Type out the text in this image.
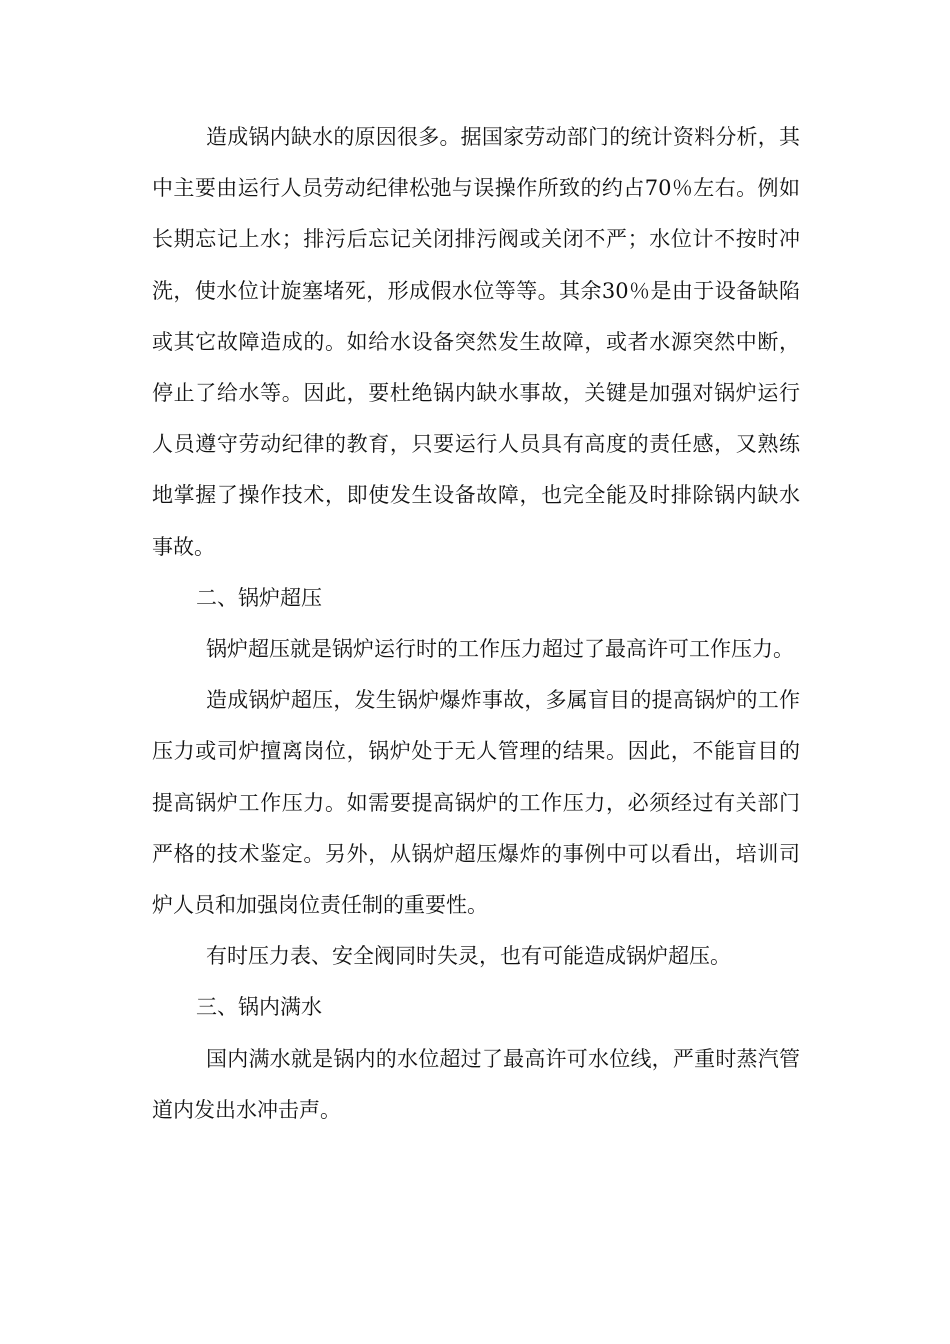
造成锅内缺水的原因很多。据国家劳动部门的统计资料分析，其中主要由运行人员劳动纪律松弛与误操作所致的约占70％左右。例如长期忘记上水；排污后忘记关闭排污阀或关闭不严；水位计不按时冲洗，使水位计旋塞堵死，形成假水位等等。其余30％是由于设备缺陷或其它故障造成的。如给水设备突然发生故障，或者水源突然中断，停止了给水等。因此，要杜绝锅内缺水事故，关键是加强对锅炉运行人员遵守劳动纪律的教育，只要运行人员具有高度的责任感，又熟练地掌握了操作技术，即使发生设备故障，也完全能及时排除锅内缺水事故。

二、锅炉超压

锅炉超压就是锅炉运行时的工作压力超过了最高许可工作压力。

造成锅炉超压，发生锅炉爆炸事故，多属盲目的提高锅炉的工作压力或司炉擅离岗位，锅炉处于无人管理的结果。因此，不能盲目的提高锅炉工作压力。如需要提高锅炉的工作压力，必须经过有关部门严格的技术鉴定。另外，从锅炉超压爆炸的事例中可以看出，培训司炉人员和加强岗位责任制的重要性。

有时压力表、安全阀同时失灵，也有可能造成锅炉超压。

三、锅内满水

国内满水就是锅内的水位超过了最高许可水位线，严重时蒸汽管道内发出水冲击声。
